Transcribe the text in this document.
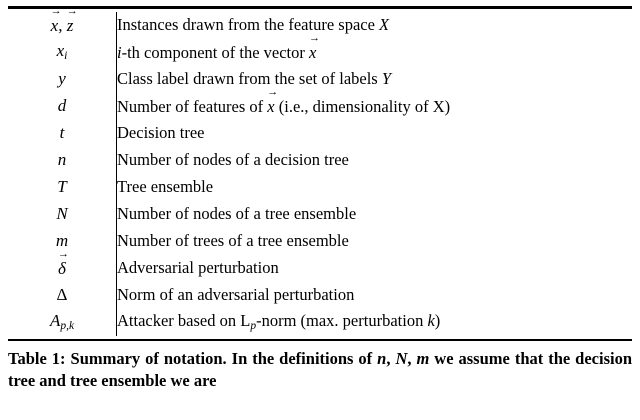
→
x,
→
z	Instances drawn from the feature space X
$x_i$	i-th component of the vector
→
x
y	Class label drawn from the set of labels Y
d	Number of features of
→
x (i.e., dimensionality of X)
t	Decision tree
n	Number of nodes of a decision tree
T	Tree ensemble
N	Number of nodes of a tree ensemble
m	Number of trees of a tree ensemble

→
δ	Adversarial perturbation
Δ	Norm of an adversarial perturbation
$A_{p,k}$	Attacker based on $L_p$-norm (max. perturbation k)
Table 1: Summary of notation. In the definitions of n, N, m we assume that the decision tree and tree ensemble we are
